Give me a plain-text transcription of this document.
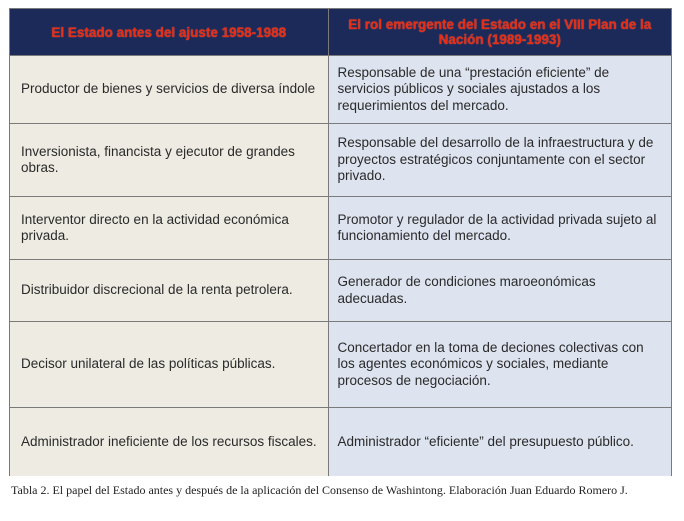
El Estado antes del ajuste 1958-1988	El rol emergente del Estado en el VIII Plan de la Nación (1989-1993)
Productor de bienes y servicios de diversa índole	Responsable de una “prestación eficiente” de servicios públicos y sociales ajustados a los requerimientos del mercado.
Inversionista, financista y ejecutor de grandes obras.	Responsable del desarrollo de la infraestructura y de proyectos estratégicos conjuntamente con el sector privado.
Interventor directo en la actividad económica privada.	Promotor y regulador de la actividad privada sujeto al funcionamiento del mercado.
Distribuidor discrecional de la renta petrolera.	Generador de condiciones maroeonómicas adecuadas.
Decisor unilateral de las políticas públicas.	Concertador en la toma de deciones colectivas con los agentes económicos y sociales, mediante procesos de negociación.
Administrador ineficiente de los recursos fiscales.	Administrador “eficiente” del presupuesto público.
Tabla 2. El papel del Estado antes y después de la aplicación del Consenso de Washintong. Elaboración Juan Eduardo Romero J.
